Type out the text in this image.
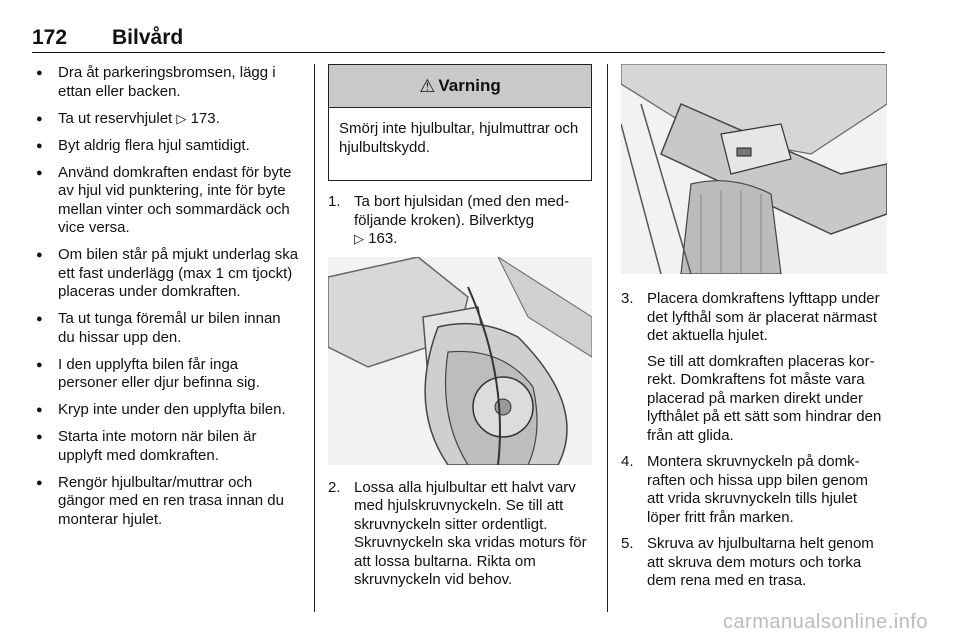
172 Bilvård
● Dra åt parkeringsbromsen, lägg i ettan eller backen.
● Ta ut reservhjulet ▷ 173.
● Byt aldrig flera hjul samtidigt.
● Använd domkraften endast för byte av hjul vid punktering, inte för byte mellan vinter och sommardäck och vice versa.
● Om bilen står på mjukt underlag ska ett fast underlägg (max 1 cm tjockt) placeras under domkraften.
● Ta ut tunga föremål ur bilen innan du hissar upp den.
● I den upplyfta bilen får inga personer eller djur befinna sig.
● Kryp inte under den upplyfta bilen.
● Starta inte motorn när bilen är upplyft med domkraften.
● Rengör hjulbultar/muttrar och gängor med en ren trasa innan du monterar hjulet.
⚠ Varning
Smörj inte hjulbultar, hjulmuttrar och hjulbultskydd.
1. Ta bort hjulsidan (med den medföljande kroken). Bilverktyg
▷ 163.
2. Lossa alla hjulbultar ett halvt varv med hjulskruvnyckeln. Se till att skruvnyckeln sitter ordentligt. Skruvnyckeln ska vridas moturs för att lossa bultarna. Rikta om skruvnyckeln vid behov.
3. Placera domkraftens lyfttapp under det lyfthål som är placerat närmast det aktuella hjulet.
Se till att domkraften placeras korrekt. Domkraftens fot måste vara placerad på marken direkt under lyfthålet på ett sätt som hindrar den från att glida.
4. Montera skruvnyckeln på domkraften och hissa upp bilen genom att vrida skruvnyckeln tills hjulet löper fritt från marken.
5. Skruva av hjulbultarna helt genom att skruva dem moturs och torka dem rena med en trasa.
carmanualsonline.info
